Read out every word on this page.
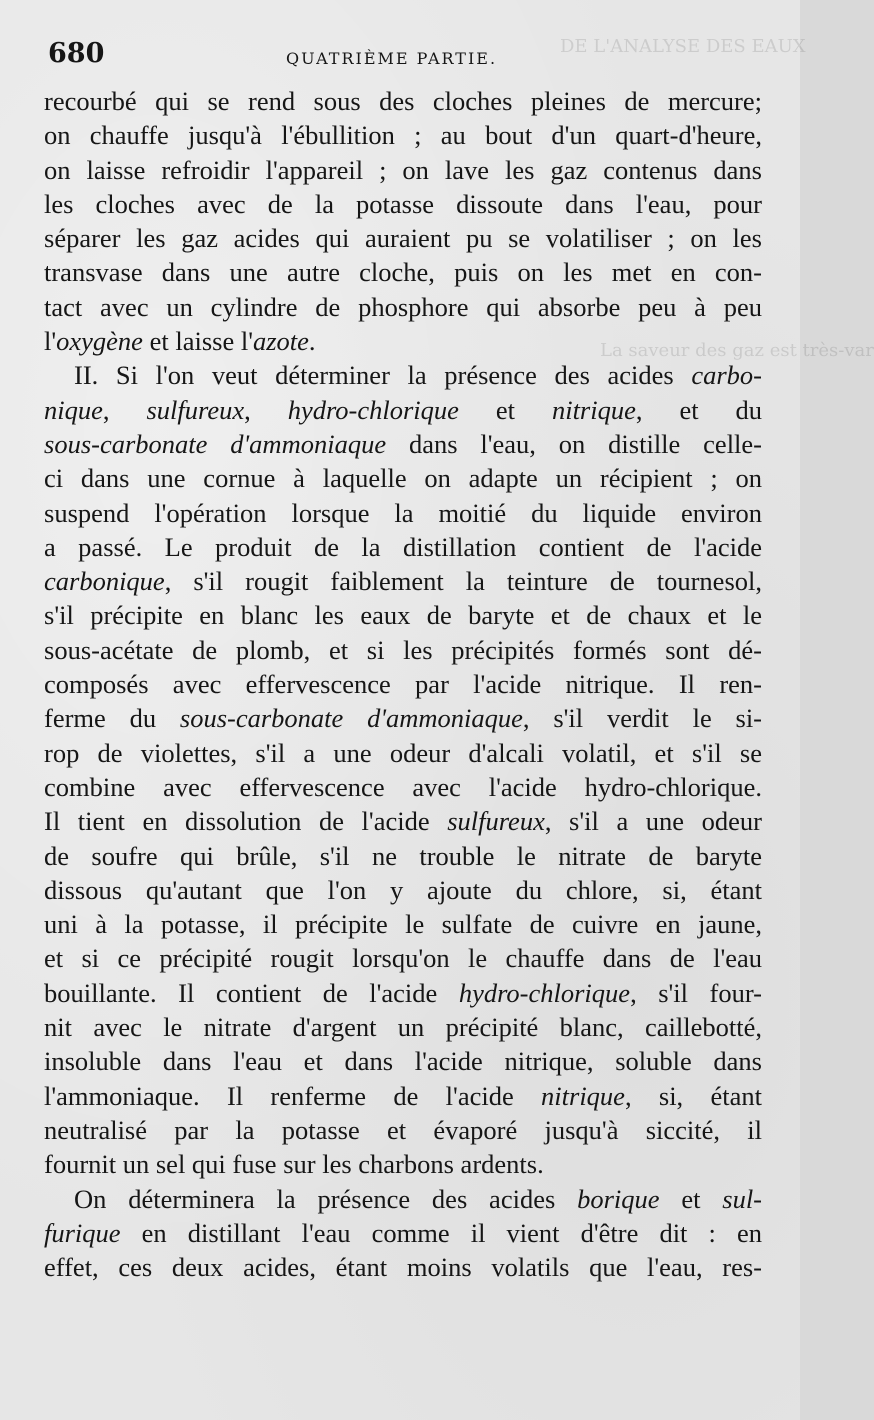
DE L'ANALYSE DES EAUX
La saveur des gaz est très-var
680	QUATRIÈME PARTIE.
recourbé qui se rend sous des cloches pleines de mercure;
on chauffe jusqu'à l'ébullition ; au bout d'un quart-d'heure,
on laisse refroidir l'appareil ; on lave les gaz contenus dans
les cloches avec de la potasse dissoute dans l'eau, pour
séparer les gaz acides qui auraient pu se volatiliser ; on les
transvase dans une autre cloche, puis on les met en con-
tact avec un cylindre de phosphore qui absorbe peu à peu
l'oxygène et laisse l'azote.
II. Si l'on veut déterminer la présence des acides carbo-
nique, sulfureux, hydro-chlorique et nitrique, et du
sous-carbonate d'ammoniaque dans l'eau, on distille celle-
ci dans une cornue à laquelle on adapte un récipient ; on
suspend l'opération lorsque la moitié du liquide environ
a passé. Le produit de la distillation contient de l'acide
carbonique, s'il rougit faiblement la teinture de tournesol,
s'il précipite en blanc les eaux de baryte et de chaux et le
sous-acétate de plomb, et si les précipités formés sont dé-
composés avec effervescence par l'acide nitrique. Il ren-
ferme du sous-carbonate d'ammoniaque, s'il verdit le si-
rop de violettes, s'il a une odeur d'alcali volatil, et s'il se
combine avec effervescence avec l'acide hydro-chlorique.
Il tient en dissolution de l'acide sulfureux, s'il a une odeur
de soufre qui brûle, s'il ne trouble le nitrate de baryte
dissous qu'autant que l'on y ajoute du chlore, si, étant
uni à la potasse, il précipite le sulfate de cuivre en jaune,
et si ce précipité rougit lorsqu'on le chauffe dans de l'eau
bouillante. Il contient de l'acide hydro-chlorique, s'il four-
nit avec le nitrate d'argent un précipité blanc, caillebotté,
insoluble dans l'eau et dans l'acide nitrique, soluble dans
l'ammoniaque. Il renferme de l'acide nitrique, si, étant
neutralisé par la potasse et évaporé jusqu'à siccité, il
fournit un sel qui fuse sur les charbons ardents.
On déterminera la présence des acides borique et sul-
furique en distillant l'eau comme il vient d'être dit : en
effet, ces deux acides, étant moins volatils que l'eau, res-
